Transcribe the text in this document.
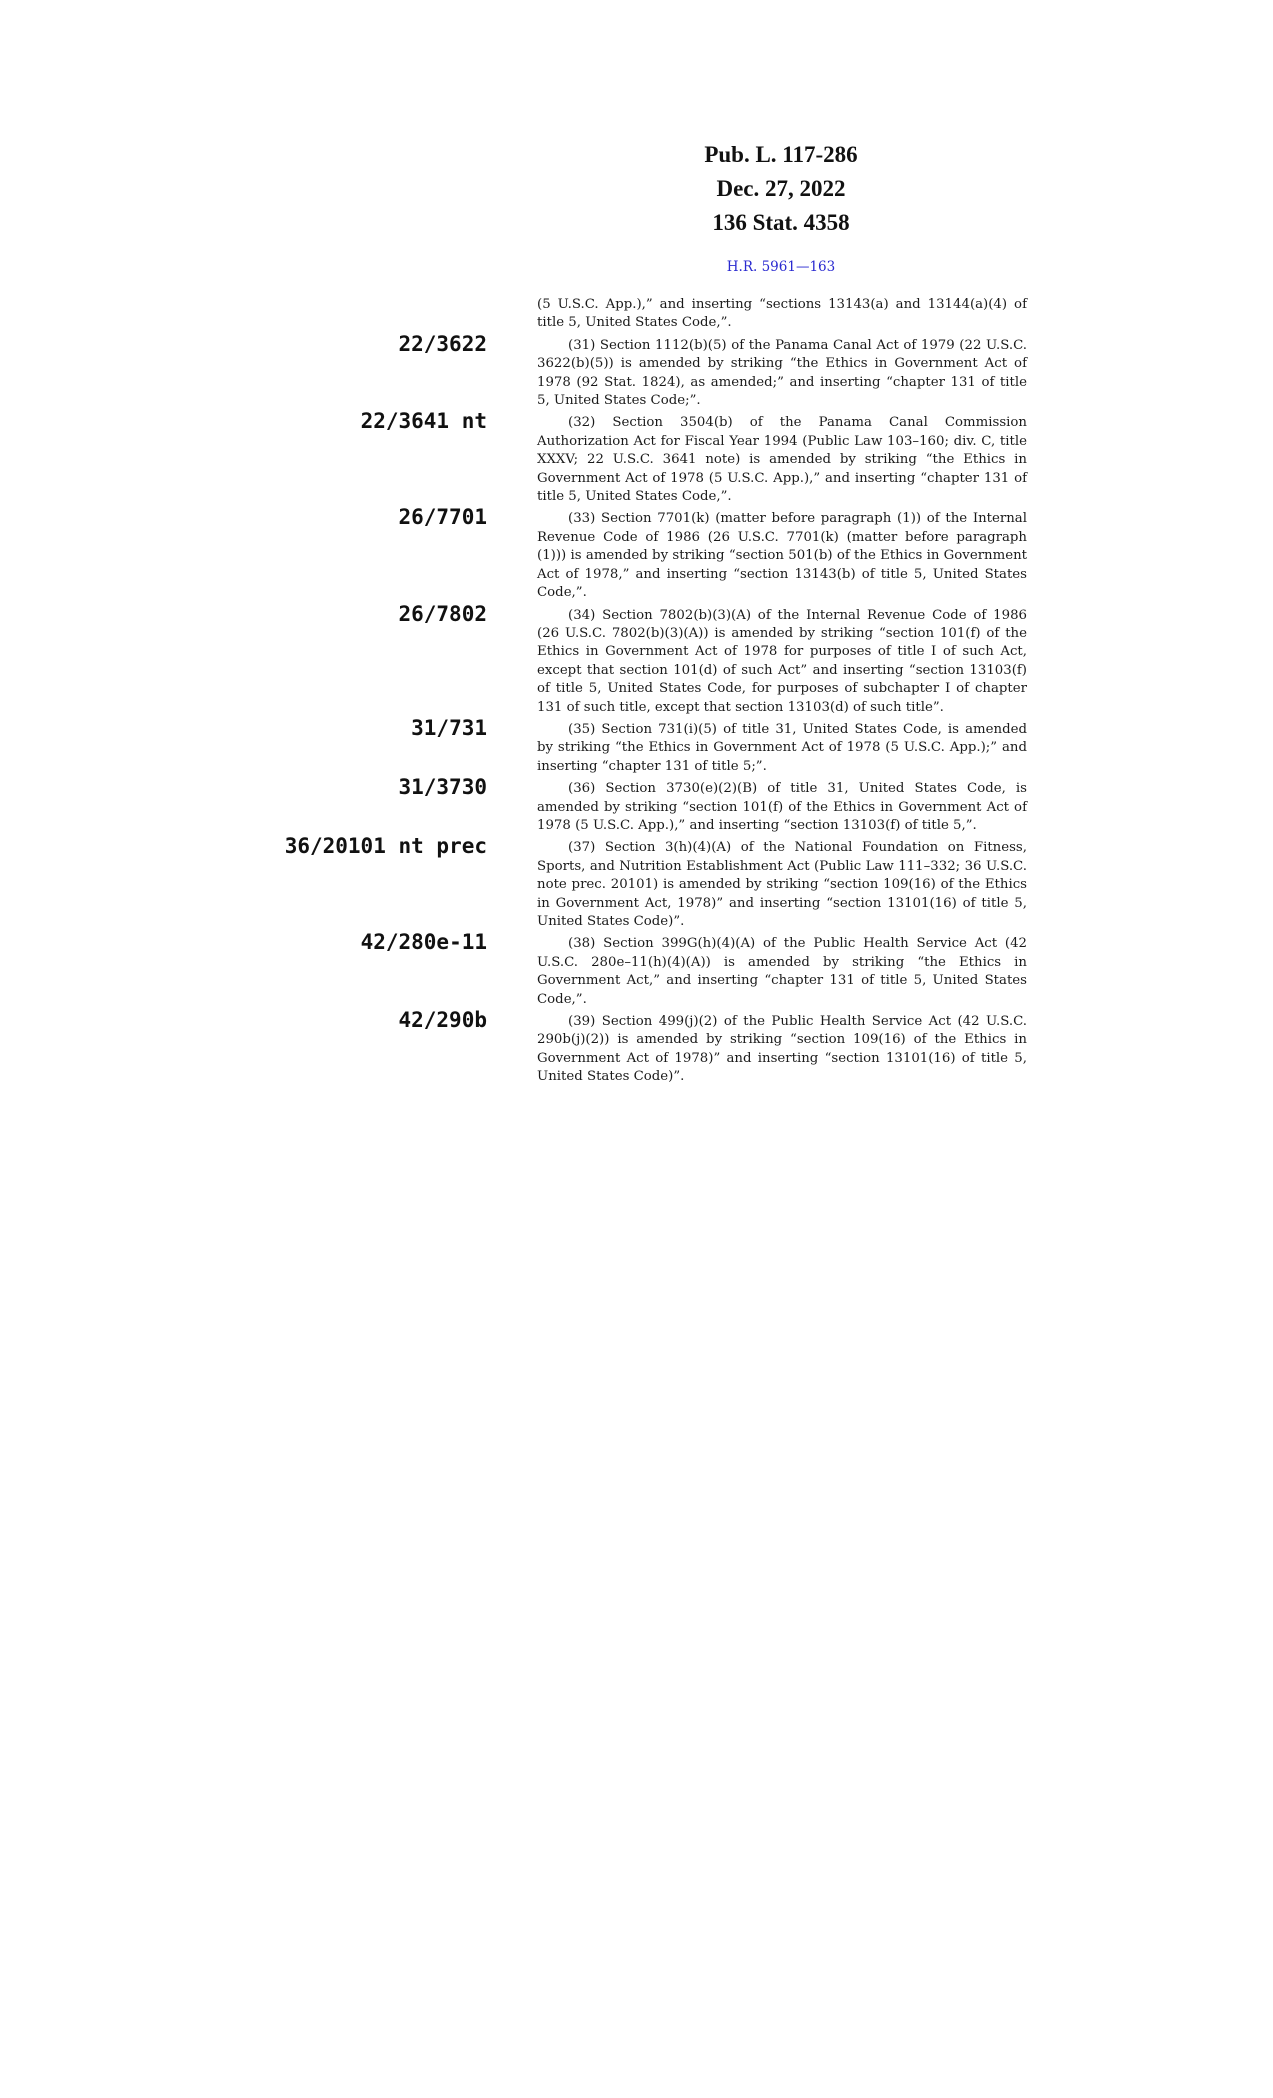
Pub. L. 117-286
Dec. 27, 2022
136 Stat. 4358
H.R. 5961—163

(5 U.S.C. App.),” and inserting “sections 13143(a) and 13144(a)(4) of title 5, United States Code,”.

22/3622	(31) Section 1112(b)(5) of the Panama Canal Act of 1979 (22 U.S.C. 3622(b)(5)) is amended by striking “the Ethics in Government Act of 1978 (92 Stat. 1824), as amended;” and inserting “chapter 131 of title 5, United States Code;”.

22/3641 nt	(32) Section 3504(b) of the Panama Canal Commission Authorization Act for Fiscal Year 1994 (Public Law 103–160; div. C, title XXXV; 22 U.S.C. 3641 note) is amended by striking “the Ethics in Government Act of 1978 (5 U.S.C. App.),” and inserting “chapter 131 of title 5, United States Code,”.

26/7701	(33) Section 7701(k) (matter before paragraph (1)) of the Internal Revenue Code of 1986 (26 U.S.C. 7701(k) (matter before paragraph (1))) is amended by striking “section 501(b) of the Ethics in Government Act of 1978,” and inserting “section 13143(b) of title 5, United States Code,”.

26/7802	(34) Section 7802(b)(3)(A) of the Internal Revenue Code of 1986 (26 U.S.C. 7802(b)(3)(A)) is amended by striking “section 101(f) of the Ethics in Government Act of 1978 for purposes of title I of such Act, except that section 101(d) of such Act” and inserting “section 13103(f) of title 5, United States Code, for purposes of subchapter I of chapter 131 of such title, except that section 13103(d) of such title”.

31/731	(35) Section 731(i)(5) of title 31, United States Code, is amended by striking “the Ethics in Government Act of 1978 (5 U.S.C. App.);” and inserting “chapter 131 of title 5;”.

31/3730	(36) Section 3730(e)(2)(B) of title 31, United States Code, is amended by striking “section 101(f) of the Ethics in Government Act of 1978 (5 U.S.C. App.),” and inserting “section 13103(f) of title 5,”.

36/20101 nt prec	(37) Section 3(h)(4)(A) of the National Foundation on Fitness, Sports, and Nutrition Establishment Act (Public Law 111–332; 36 U.S.C. note prec. 20101) is amended by striking “section 109(16) of the Ethics in Government Act, 1978)” and inserting “section 13101(16) of title 5, United States Code)”.

42/280e-11	(38) Section 399G(h)(4)(A) of the Public Health Service Act (42 U.S.C. 280e–11(h)(4)(A)) is amended by striking “the Ethics in Government Act,” and inserting “chapter 131 of title 5, United States Code,”.

42/290b	(39) Section 499(j)(2) of the Public Health Service Act (42 U.S.C. 290b(j)(2)) is amended by striking “section 109(16) of the Ethics in Government Act of 1978)” and inserting “section 13101(16) of title 5, United States Code)”.
